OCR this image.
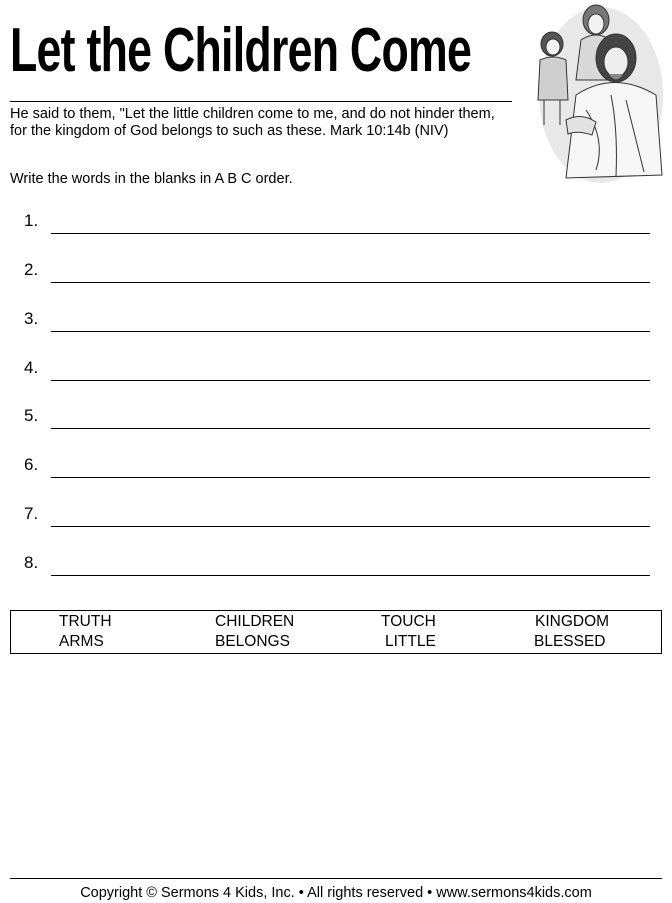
Let the Children Come
He said to them, "Let the little children come to me, and do not hinder them, for the kingdom of God belongs to such as these. Mark 10:14b (NIV)
Write the words in the blanks in A B C order.
1.
2.
3.
4.
5.
6.
7.
8.
TRUTH	CHILDREN	TOUCH	KINGDOM
ARMS	BELONGS	LITTLE	BLESSED
Copyright © Sermons 4 Kids, Inc. • All rights reserved • www.sermons4kids.com
